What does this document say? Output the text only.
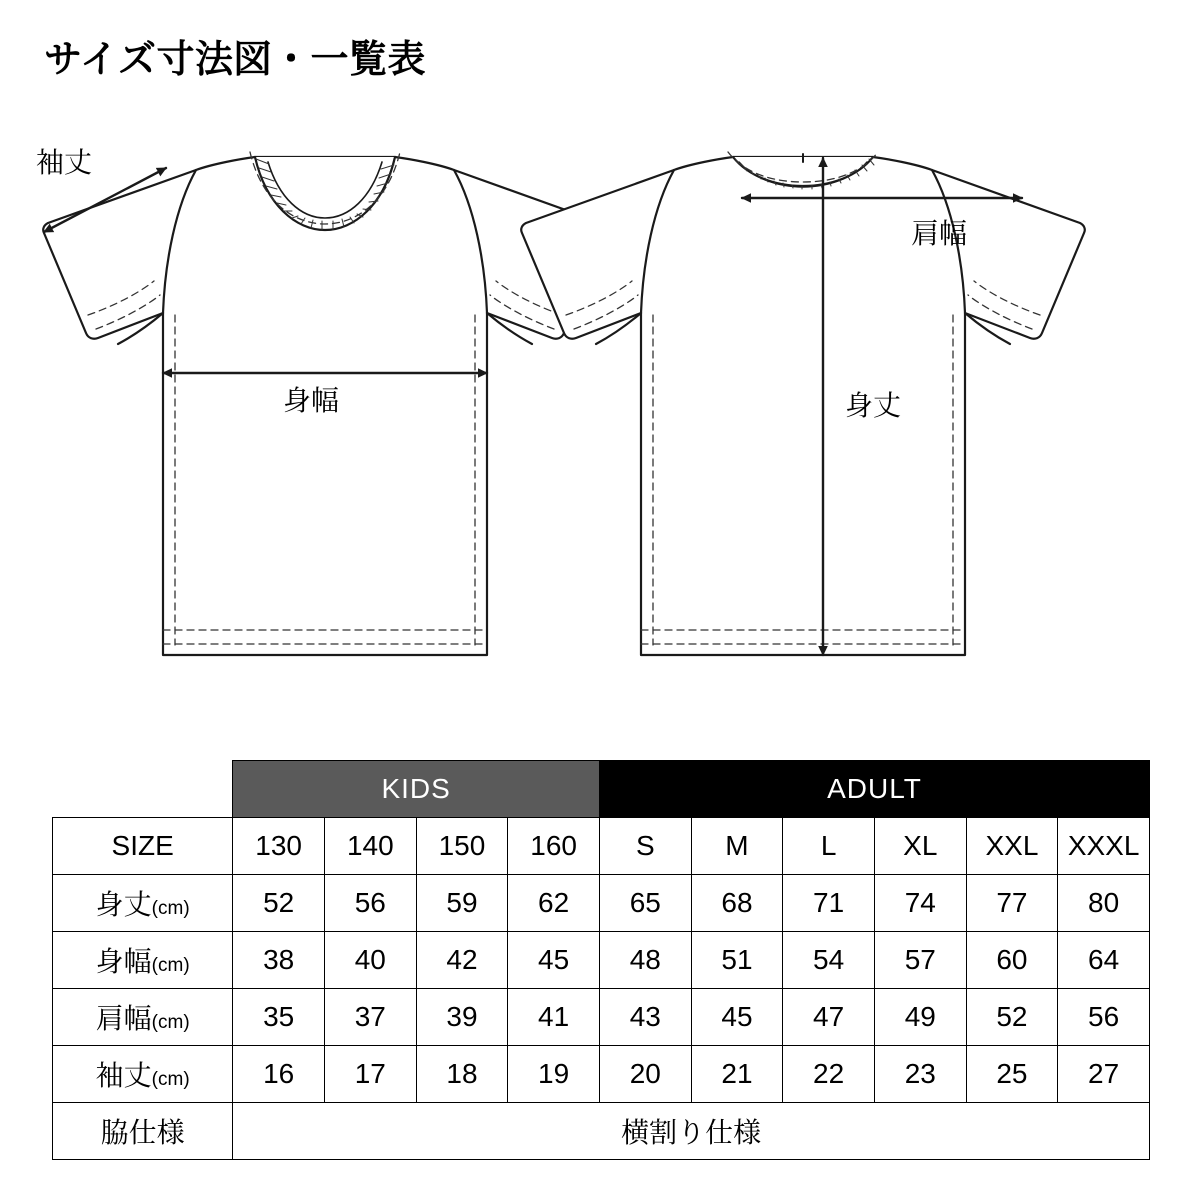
サイズ寸法図・一覧表
袖丈
身幅
肩幅
身丈
	KIDS				ADULT					
SIZE	130	140	150	160	S	M	L	XL	XXL	XXXL
身丈(cm)	52	56	59	62	65	68	71	74	77	80
身幅(cm)	38	40	42	45	48	51	54	57	60	64
肩幅(cm)	35	37	39	41	43	45	47	49	52	56
袖丈(cm)	16	17	18	19	20	21	22	23	25	27
脇仕様	横割り仕様									
